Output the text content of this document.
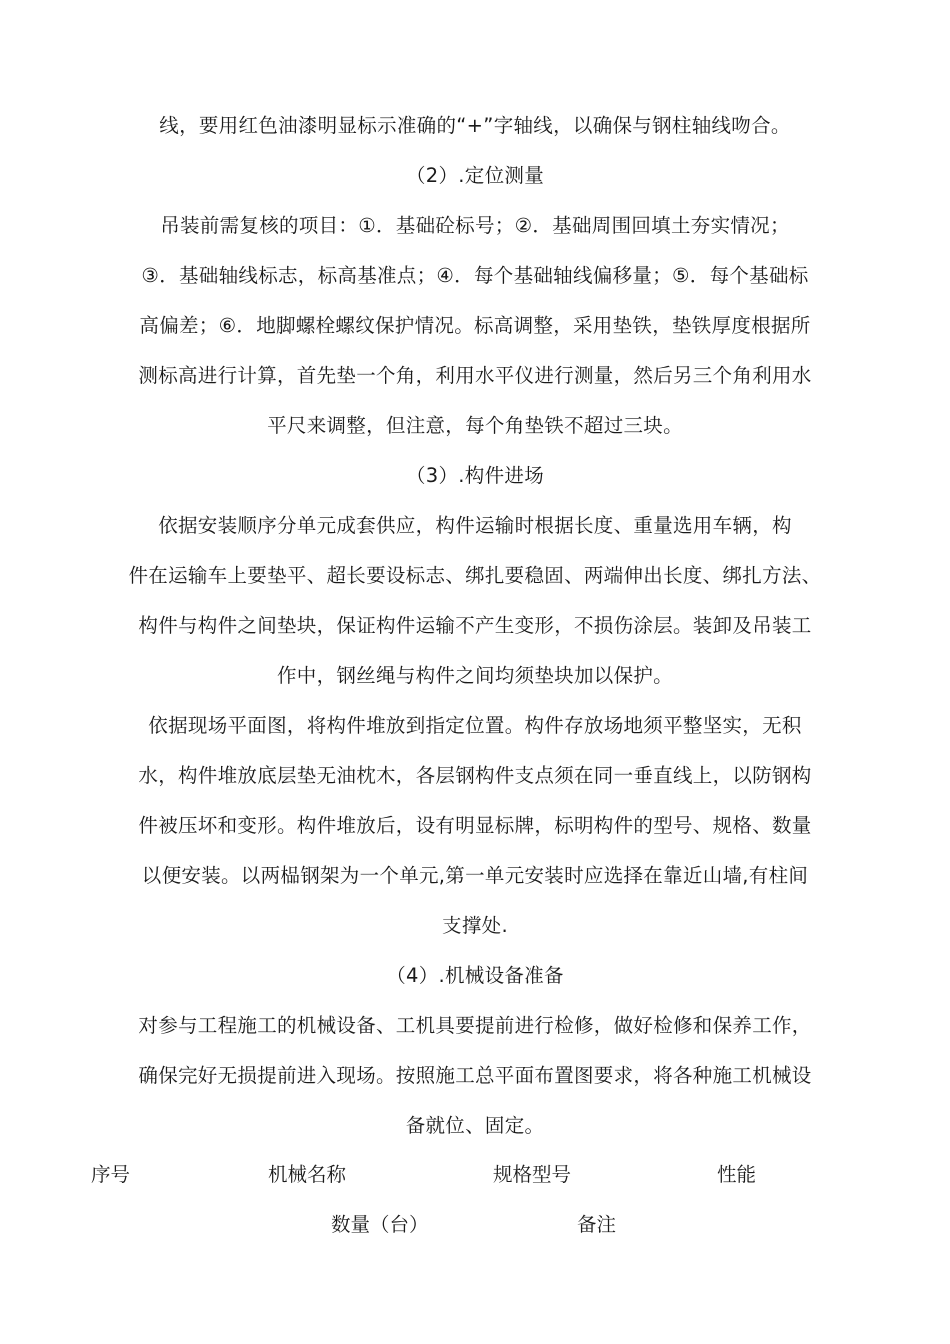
线，要用红色油漆明显标示准确的“+”字轴线，以确保与钢柱轴线吻合。

（2）.定位测量

吊装前需复核的项目：①．基础砼标号；②．基础周围回填土夯实情况；

③．基础轴线标志，标高基准点；④．每个基础轴线偏移量；⑤．每个基础标

高偏差；⑥．地脚螺栓螺纹保护情况。标高调整，采用垫铁，垫铁厚度根据所

测标高进行计算，首先垫一个角，利用水平仪进行测量，然后另三个角利用水

平尺来调整，但注意，每个角垫铁不超过三块。

（3）.构件进场

依据安装顺序分单元成套供应，构件运输时根据长度、重量选用车辆，构

件在运输车上要垫平、超长要设标志、绑扎要稳固、两端伸出长度、绑扎方法、

构件与构件之间垫块，保证构件运输不产生变形，不损伤涂层。装卸及吊装工

作中，钢丝绳与构件之间均须垫块加以保护。

依据现场平面图，将构件堆放到指定位置。构件存放场地须平整坚实，无积

水，构件堆放底层垫无油枕木，各层钢构件支点须在同一垂直线上，以防钢构

件被压坏和变形。构件堆放后，设有明显标牌，标明构件的型号、规格、数量

以便安装。以两榀钢架为一个单元,第一单元安装时应选择在靠近山墙,有柱间

支撑处.

（4）.机械设备准备

对参与工程施工的机械设备、工机具要提前进行检修，做好检修和保养工作，

确保完好无损提前进入现场。按照施工总平面布置图要求，将各种施工机械设

备就位、固定。

序号	机械名称	规格型号	性能
数量（台）	备注
